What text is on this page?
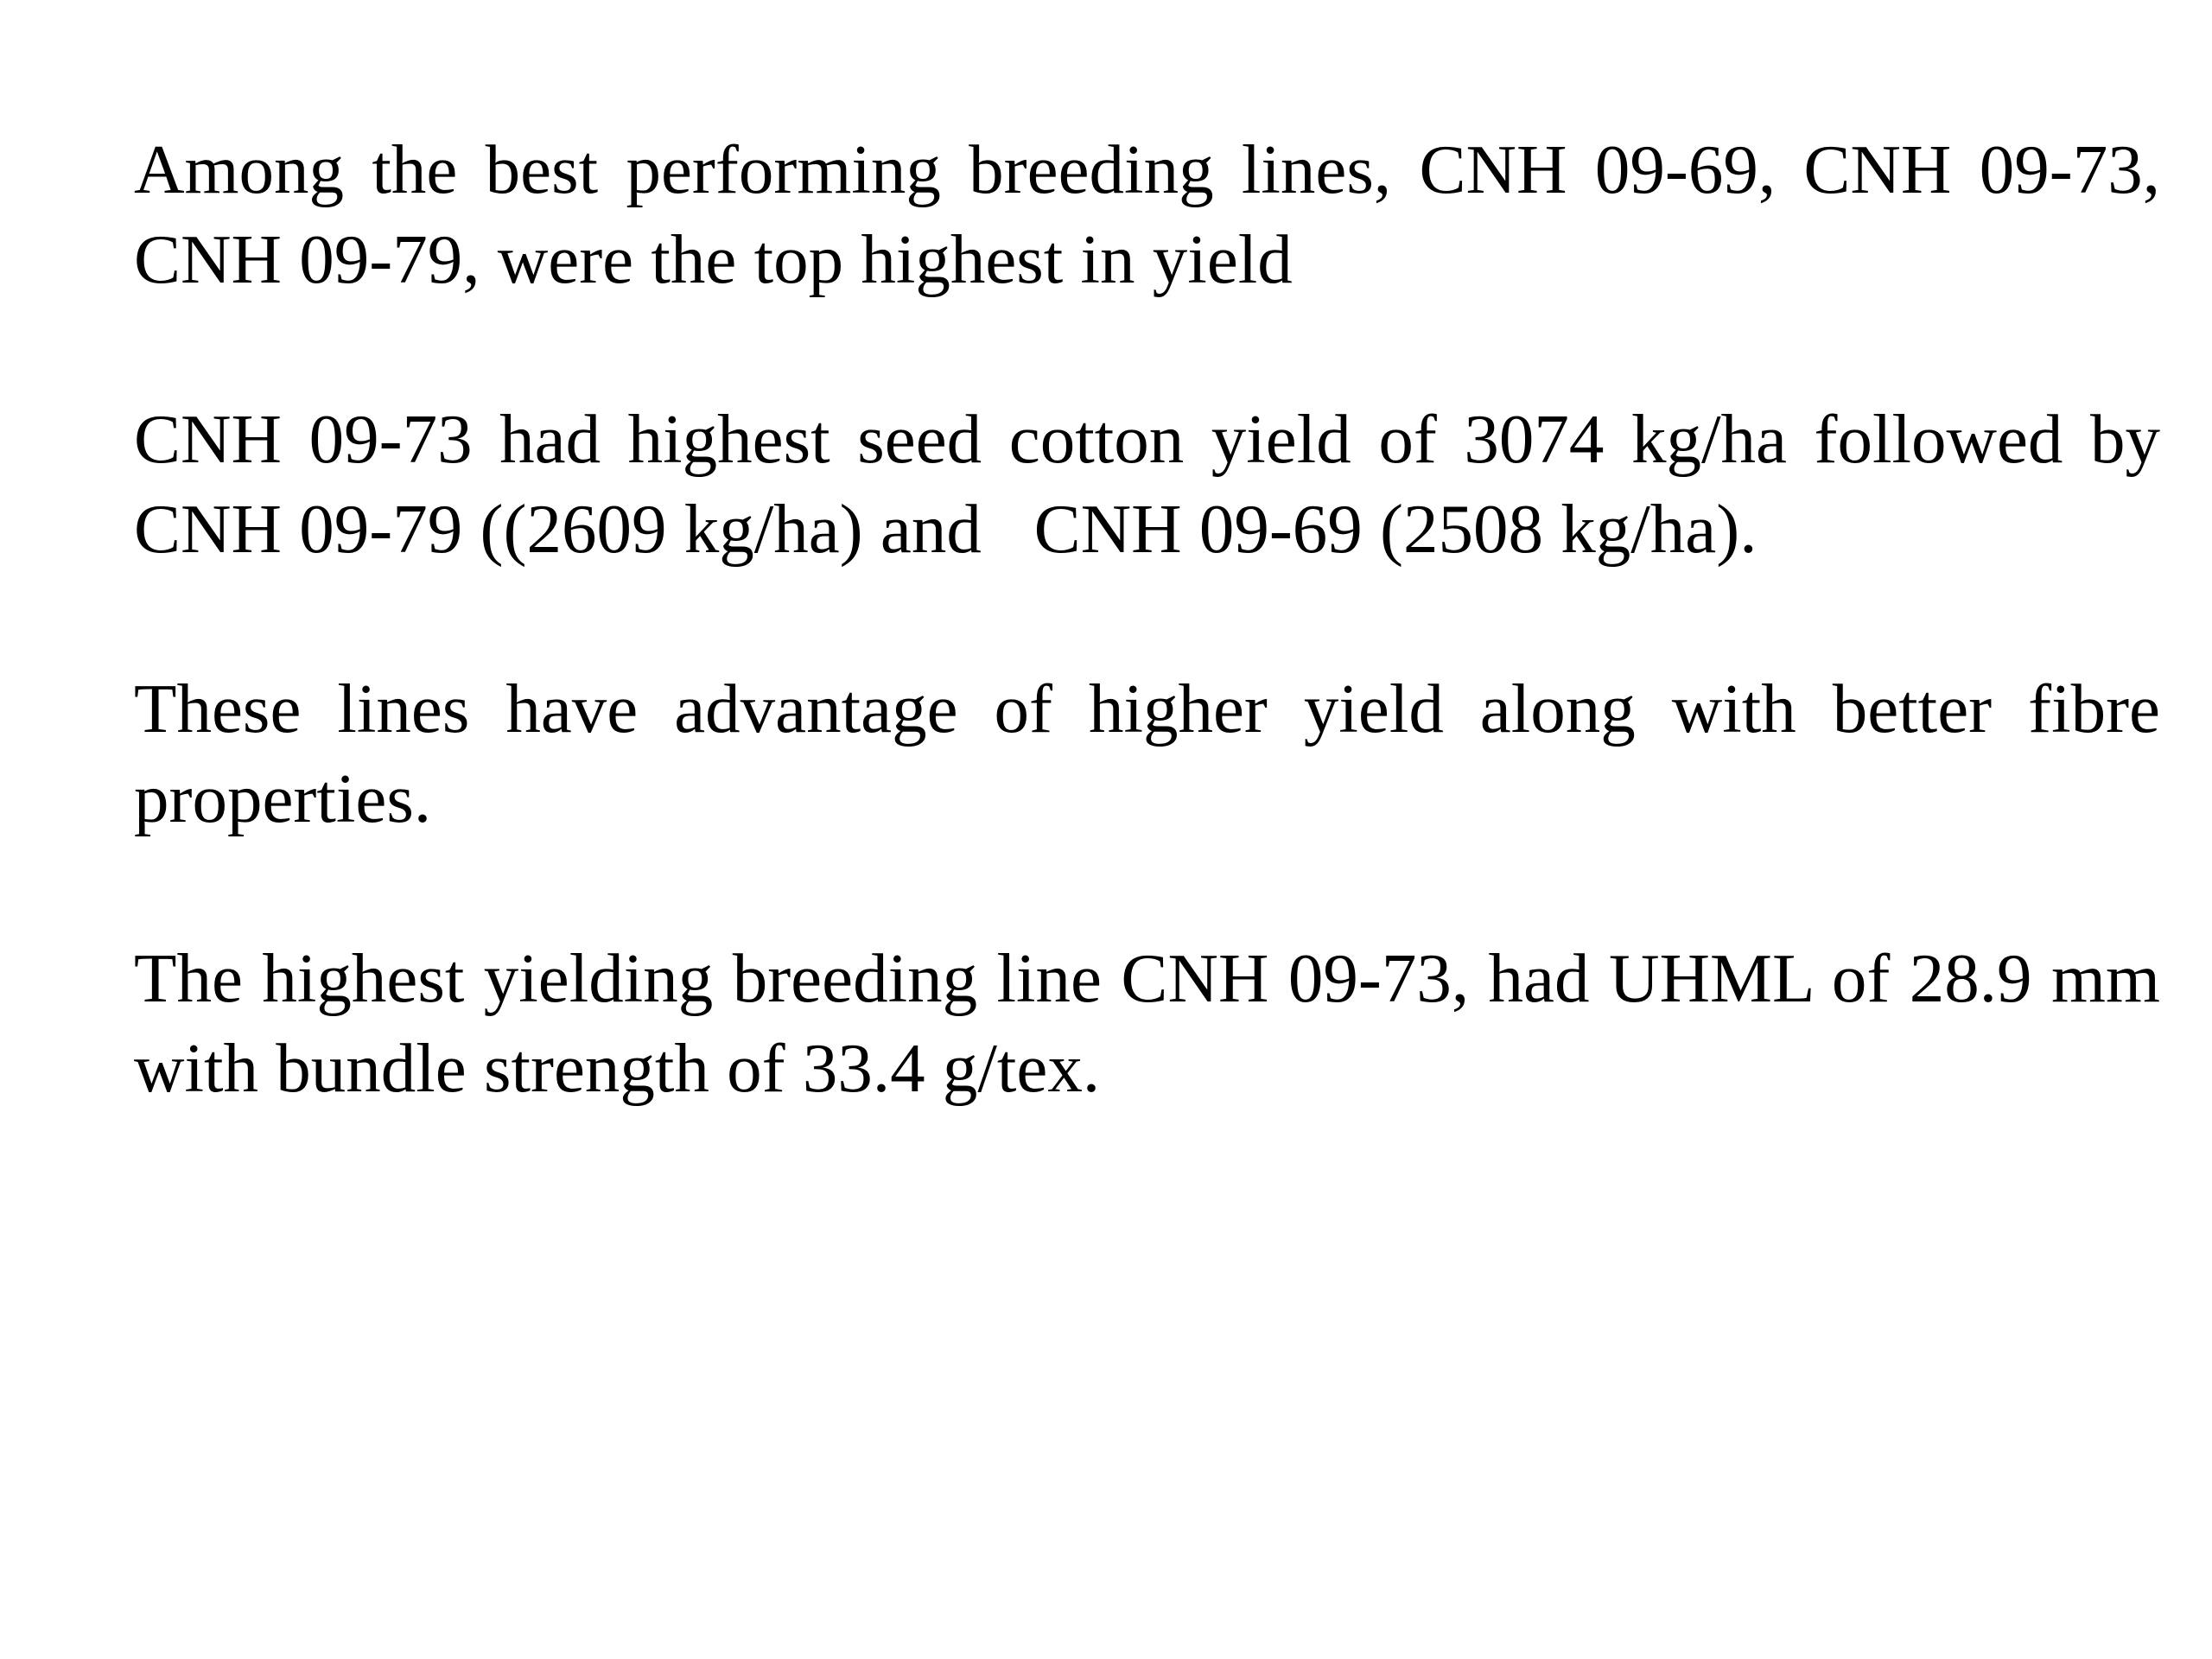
Among the best performing breeding lines, CNH 09-69, CNH 09-73, CNH 09-79, were the top highest in yield

CNH 09-73 had highest seed cotton yield of 3074 kg/ha followed by CNH 09-79 ((2609 kg/ha) and   CNH 09-69 (2508 kg/ha).

These lines have advantage of higher yield along with better fibre properties.

The highest yielding breeding line CNH 09-73, had UHML of 28.9 mm with bundle strength of 33.4 g/tex.
